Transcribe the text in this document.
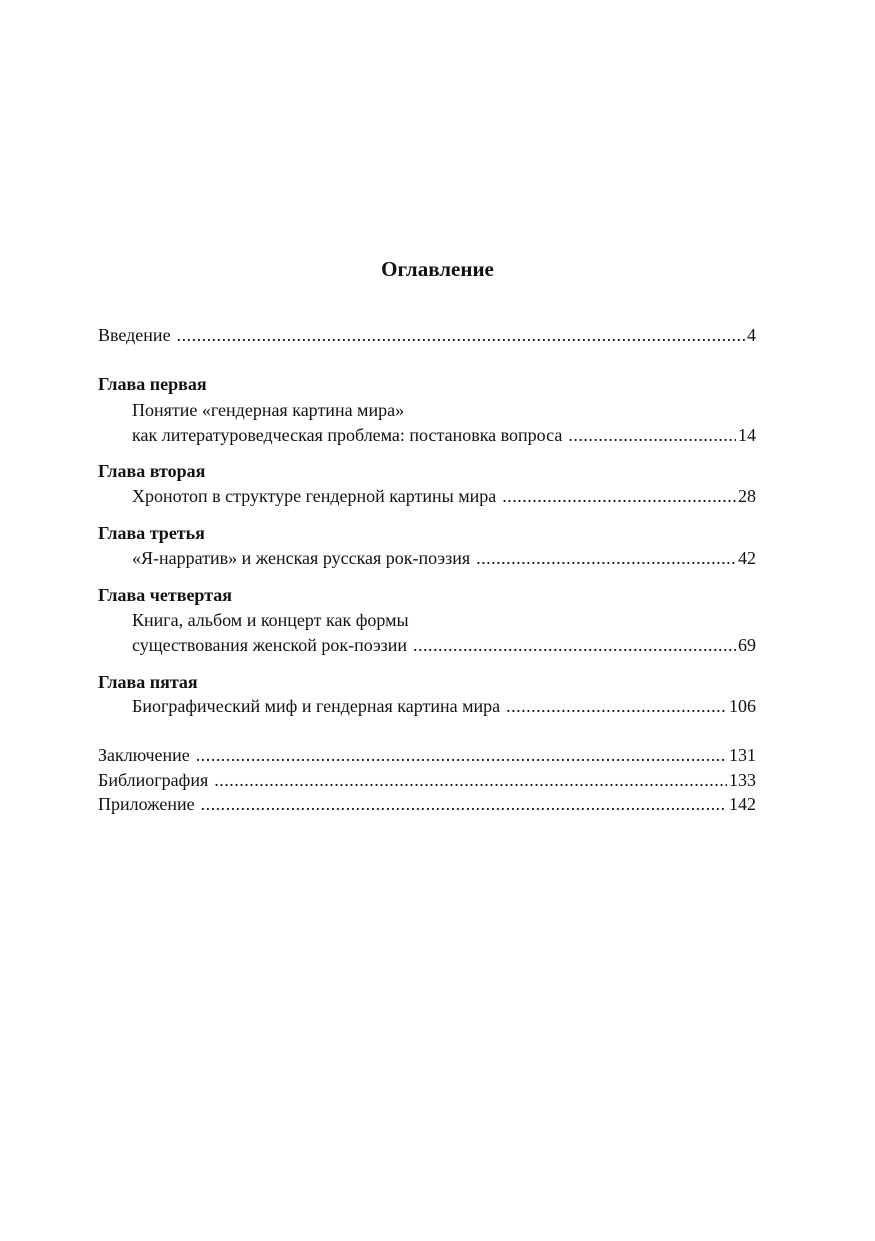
Оглавление
Введение .....	4
Глава первая
Понятие «гендерная картина мира»
как литературоведческая проблема: постановка вопроса .....	14
Глава вторая
Хронотоп в структуре гендерной картины мира .....	28
Глава третья
«Я-нарратив» и женская русская рок-поэзия .....	42
Глава четвертая
Книга, альбом и концерт как формы
существования женской рок-поэзии .....	69
Глава пятая
Биографический миф и гендерная картина мира .....	106
Заключение .....	131
Библиография .....	133
Приложение .....	142
